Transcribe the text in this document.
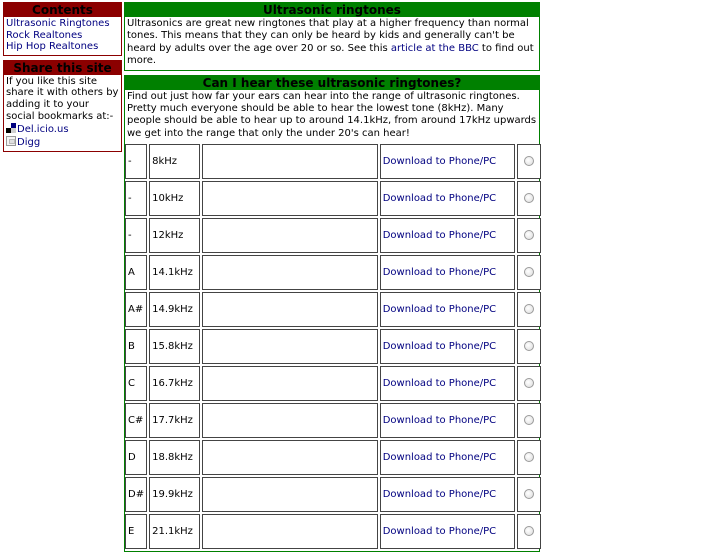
Contents
Ultrasonic Ringtones
Rock Realtones
Hip Hop Realtones
Share this site
If you like this site share it with others by adding it to your social bookmarks at:-
Del.icio.us
Digg
Ultrasonic ringtones
Ultrasonics are great new ringtones that play at a higher frequency than normal tones. This means that they can only be heard by kids and generally can't be heard by adults over the age over 20 or so. See this article at the BBC to find out more.
Can I hear these ultrasonic ringtones?
Find out just how far your ears can hear into the range of ultrasonic ringtones. Pretty much everyone should be able to hear the lowest tone (8kHz). Many people should be able to hear up to around 14.1kHz, from around 17kHz upwards we get into the range that only the under 20's can hear!
-	8kHz		Download to Phone/PC	
-	10kHz		Download to Phone/PC	
-	12kHz		Download to Phone/PC	
A	14.1kHz		Download to Phone/PC	
A#	14.9kHz		Download to Phone/PC	
B	15.8kHz		Download to Phone/PC	
C	16.7kHz		Download to Phone/PC	
C#	17.7kHz		Download to Phone/PC	
D	18.8kHz		Download to Phone/PC	
D#	19.9kHz		Download to Phone/PC	
E	21.1kHz		Download to Phone/PC	
